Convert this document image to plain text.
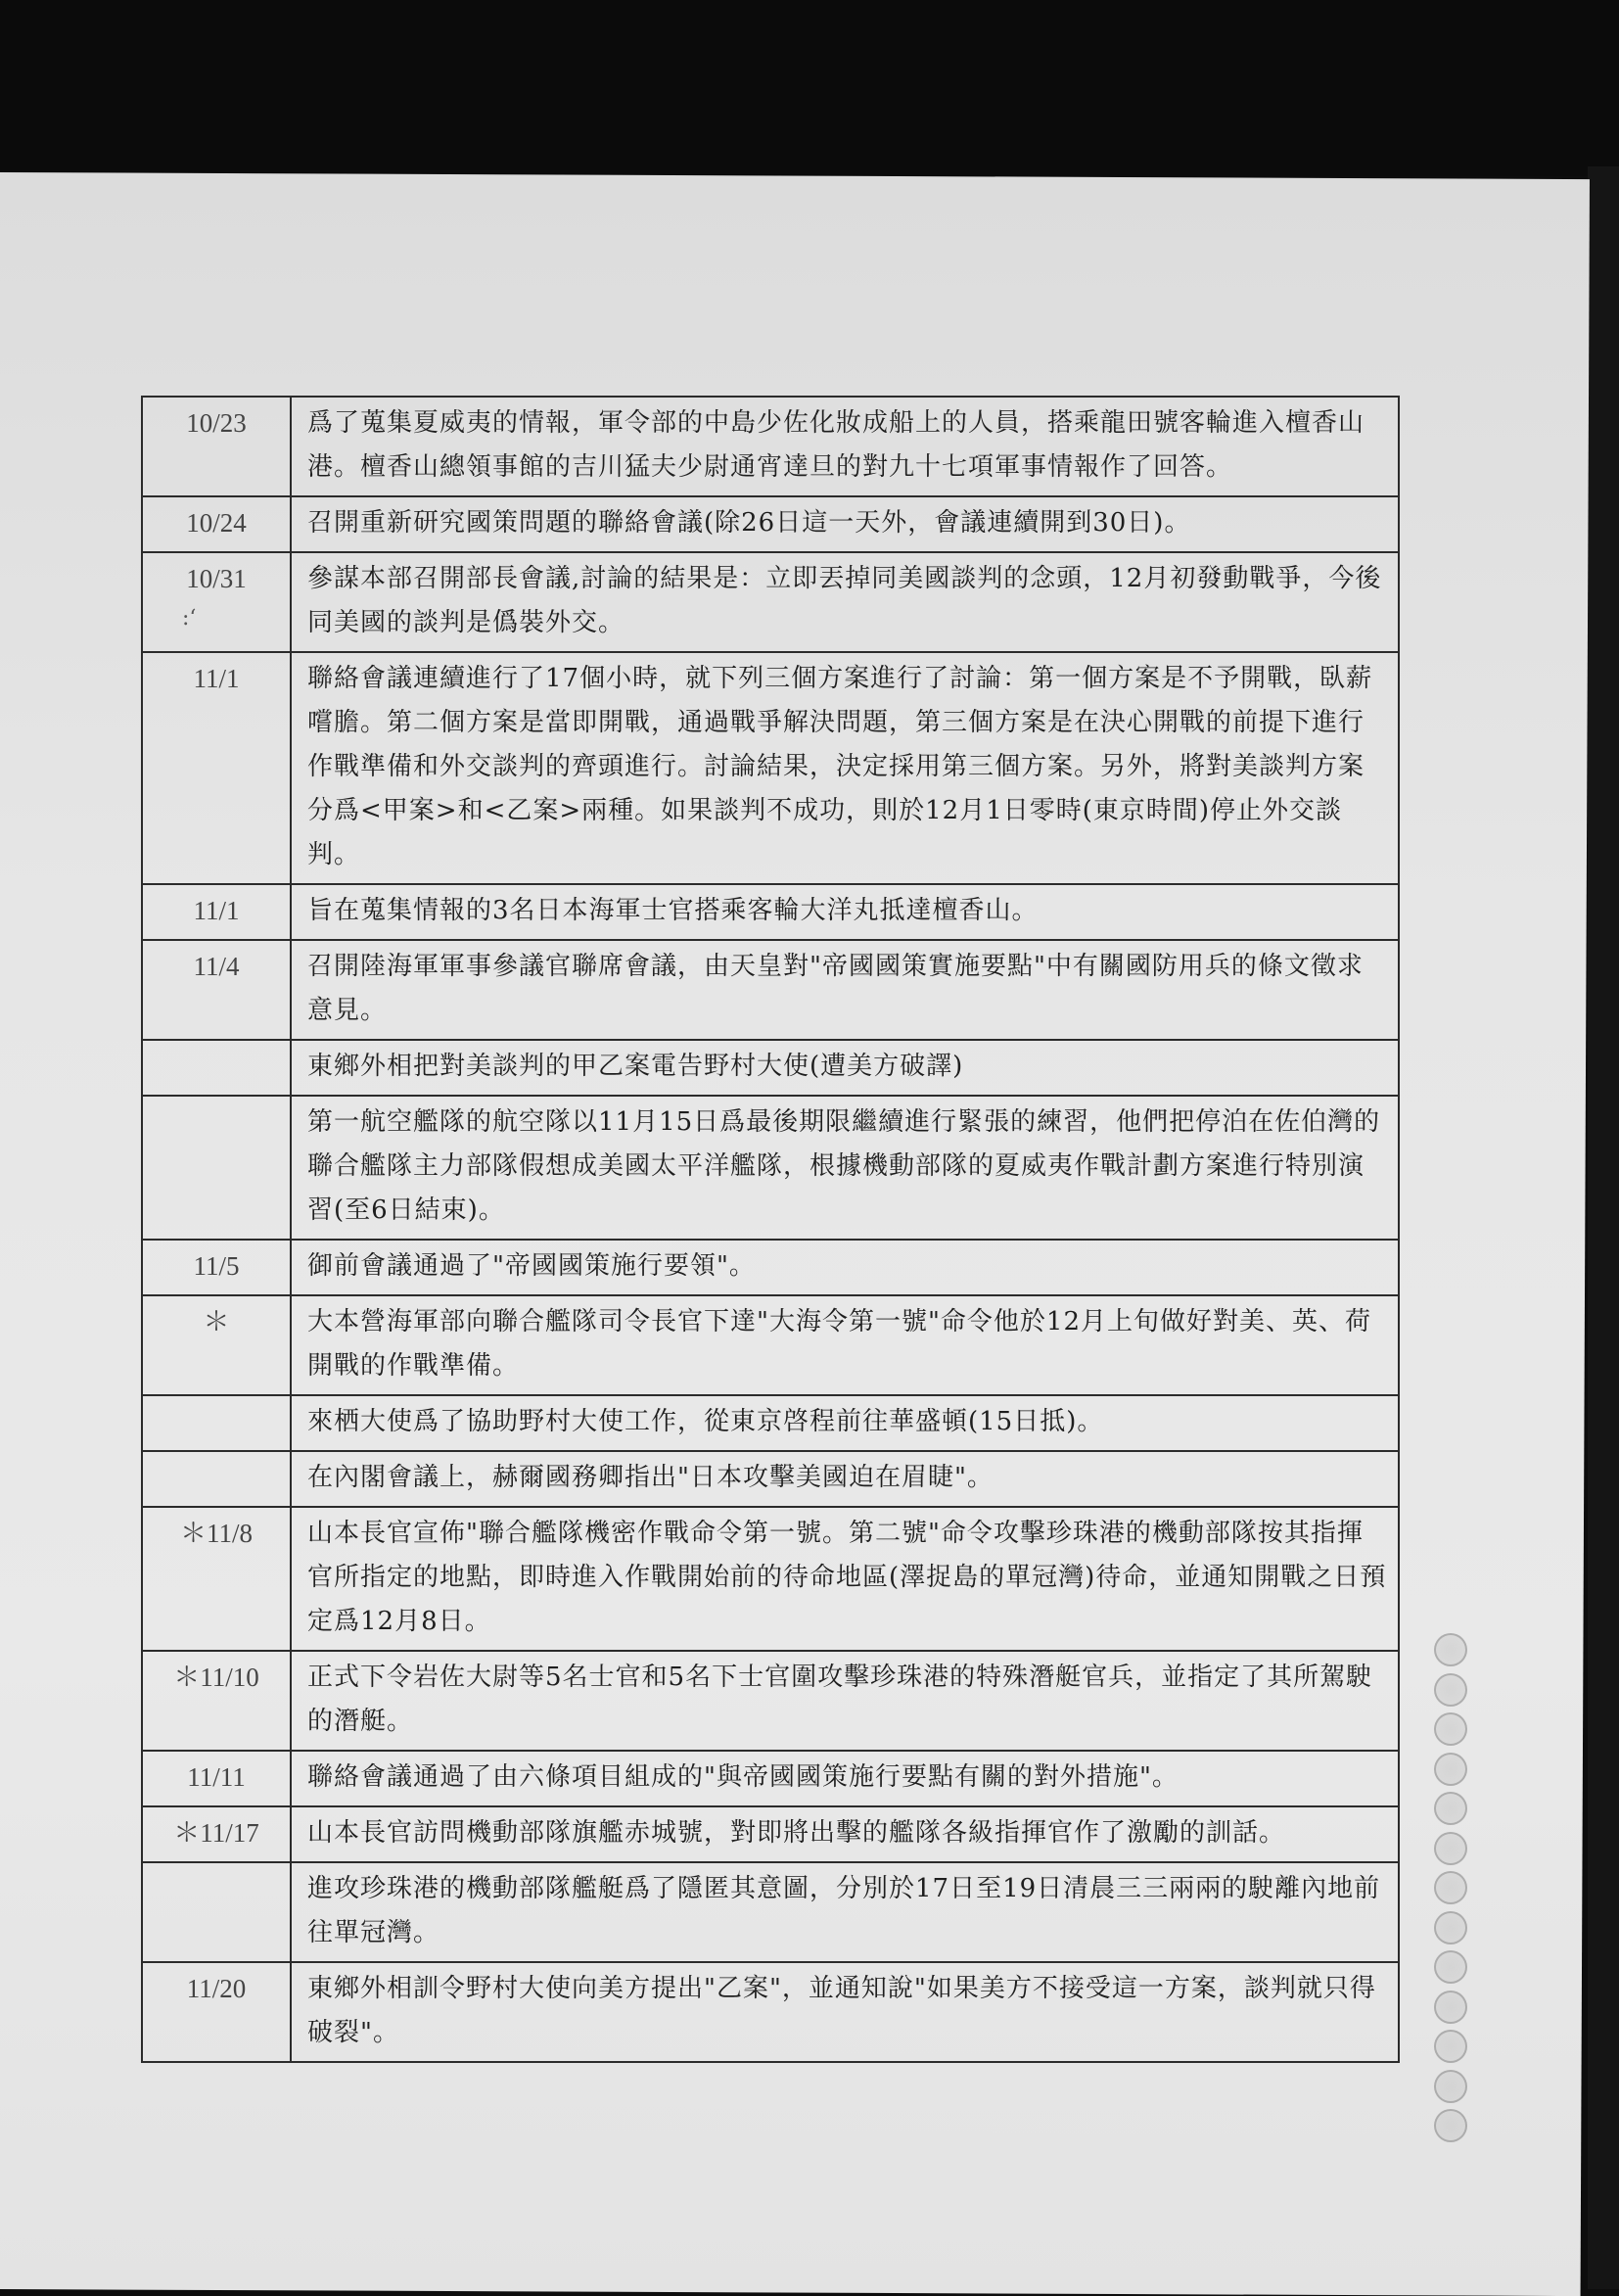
10/23	爲了蒐集夏威夷的情報，軍令部的中島少佐化妝成船上的人員，搭乘龍田號客輪進入檀香山港。檀香山總領事館的吉川猛夫少尉通宵達旦的對九十七項軍事情報作了回答。
10/24	召開重新研究國策問題的聯絡會議(除26日這一天外，會議連續開到30日)。
10/31	參謀本部召開部長會議,討論的結果是：立即丟掉同美國談判的念頭，12月初發動戰爭，今後同美國的談判是僞裝外交。
11/1	聯絡會議連續進行了17個小時，就下列三個方案進行了討論：第一個方案是不予開戰，臥薪嚐膽。第二個方案是當即開戰，通過戰爭解決問題，第三個方案是在決心開戰的前提下進行作戰準備和外交談判的齊頭進行。討論結果，決定採用第三個方案。另外，將對美談判方案分爲<甲案>和<乙案>兩種。如果談判不成功，則於12月1日零時(東京時間)停止外交談判。
11/1	旨在蒐集情報的3名日本海軍士官搭乘客輪大洋丸抵達檀香山。
11/4	召開陸海軍軍事參議官聯席會議，由天皇對"帝國國策實施要點"中有關國防用兵的條文徵求意見。
	東鄉外相把對美談判的甲乙案電告野村大使(遭美方破譯)
	第一航空艦隊的航空隊以11月15日爲最後期限繼續進行緊張的練習，他們把停泊在佐伯灣的聯合艦隊主力部隊假想成美國太平洋艦隊，根據機動部隊的夏威夷作戰計劃方案進行特別演習(至6日結束)。
11/5	御前會議通過了"帝國國策施行要領"。
＊	大本營海軍部向聯合艦隊司令長官下達"大海令第一號"命令他於12月上旬做好對美、英、荷開戰的作戰準備。
	來栖大使爲了協助野村大使工作，從東京啓程前往華盛頓(15日抵)。
	在內閣會議上，赫爾國務卿指出"日本攻擊美國迫在眉睫"。
＊11/8	山本長官宣佈"聯合艦隊機密作戰命令第一號。第二號"命令攻擊珍珠港的機動部隊按其指揮官所指定的地點，即時進入作戰開始前的待命地區(澤捉島的單冠灣)待命，並通知開戰之日預定爲12月8日。
＊11/10	正式下令岩佐大尉等5名士官和5名下士官圍攻擊珍珠港的特殊潛艇官兵，並指定了其所駕駛的潛艇。
11/11	聯絡會議通過了由六條項目組成的"與帝國國策施行要點有關的對外措施"。
＊11/17	山本長官訪問機動部隊旗艦赤城號，對即將出擊的艦隊各級指揮官作了激勵的訓話。
	進攻珍珠港的機動部隊艦艇爲了隱匿其意圖，分別於17日至19日清晨三三兩兩的駛離內地前往單冠灣。
11/20	東鄉外相訓令野村大使向美方提出"乙案"，並通知說"如果美方不接受這一方案，談判就只得破裂"。
:‘
